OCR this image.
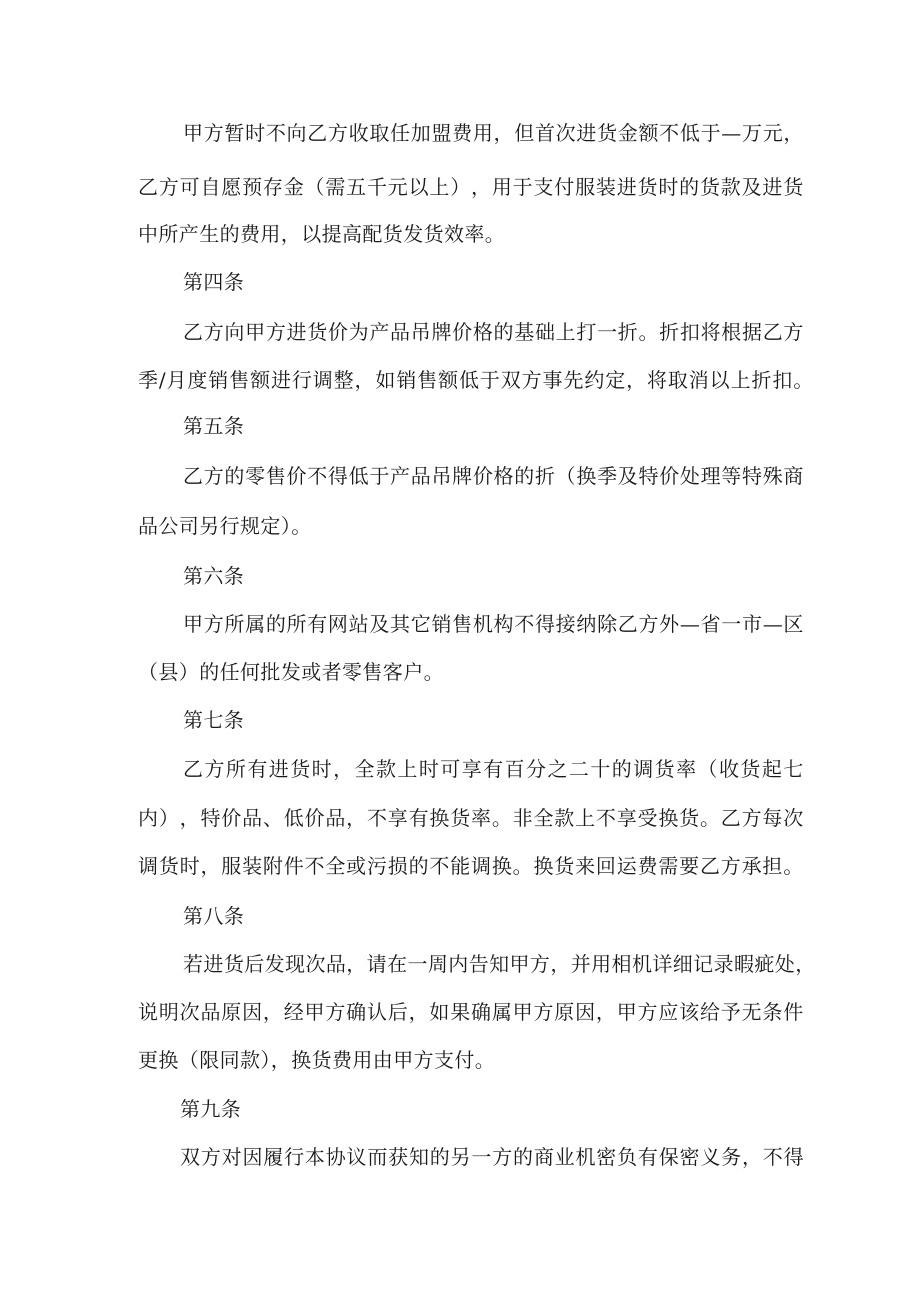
甲 方 暂 时 不 向 乙 方 收 取 任 加 盟 费 用 ， 但 首 次 进 货 金 额 不 低 于 — 万 元 ，
乙 方 可 自 愿 预 存 金 （ 需 五 千 元 以 上 ） ， 用 于 支 付 服 装 进 货 时 的 货 款 及 进 货
中所产生的费用，以提高配货发货效率。
第四条
乙 方 向 甲 方 进 货 价 为 产 品 吊 牌 价 格 的 基 础 上 打 一 折 。 折 扣 将 根 据 乙 方
季 / 月 度 销 售 额 进 行 调 整 ， 如 销 售 额 低 于 双 方 事 先 约 定 ， 将 取 消 以 上 折 扣 。
第五条
乙 方 的 零 售 价 不 得 低 于 产 品 吊 牌 价 格 的 折 （ 换 季 及 特 价 处 理 等 特 殊 商
品公司另行规定）。
第六条
甲 方 所 属 的 所 有 网 站 及 其 它 销 售 机 构 不 得 接 纳 除 乙 方 外 — 省 一 市 — 区
（县）的任何批发或者零售客户。
第七条
乙 方 所 有 进 货 时 ， 全 款 上 时 可 享 有 百 分 之 二 十 的 调 货 率 （ 收 货 起 七
内 ） ， 特 价 品 、 低 价 品 ， 不 享 有 换 货 率 。 非 全 款 上 不 享 受 换 货 。 乙 方 每 次
调 货 时 ， 服 装 附 件 不 全 或 污 损 的 不 能 调 换 。 换 货 来 回 运 费 需 要 乙 方 承 担 。
第八条
若 进 货 后 发 现 次 品 ， 请 在 一 周 内 告 知 甲 方 ， 并 用 相 机 详 细 记 录 暇 疵 处 ，
说 明 次 品 原 因 ， 经 甲 方 确 认 后 ， 如 果 确 属 甲 方 原 因 ， 甲 方 应 该 给 予 无 条 件
更换（限同款），换货费用由甲方支付。
第九条
双 方 对 因 履 行 本 协 议 而 获 知 的 另 一 方 的 商 业 机 密 负 有 保 密 义 务 ， 不 得
